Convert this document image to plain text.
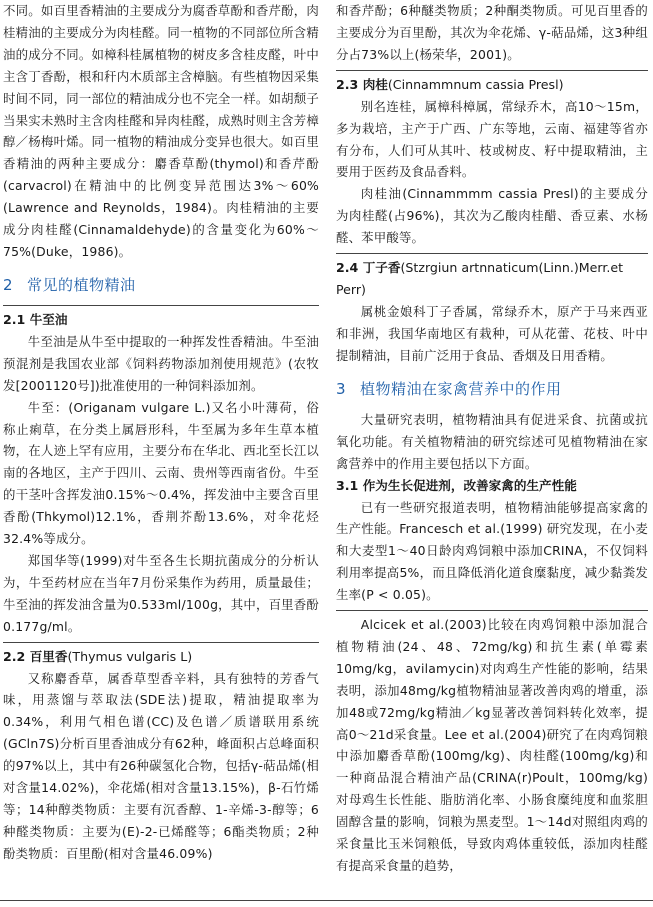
不同。如百里香精油的主要成分为腐香草酚和香芹酚，肉桂精油的主要成分为肉桂醛。同一植物的不同部位所含精油的成分不同。如樟科桂属植物的树皮多含桂皮醛，叶中主含丁香酚，根和秆内木质部主含樟脑。有些植物因采集时间不同，同一部位的精油成分也不完全一样。如胡颓子当果实未熟时主含肉桂醛和异肉桂醛，成熟时则主含芳樟醇／杨梅叶烯。同一植物的精油成分变异也很大。如百里香精油的两种主要成分：麝香草酚(thymol)和香芹酚(carvacrol)在精油中的比例变异范围达3%～60%(Lawrence and Reynolds，1984)。肉桂精油的主要成分肉桂醛(Cinnamaldehyde)的含量变化为60%～75%(Duke，1986)。

2 常见的植物精油
2.1 牛至油

牛至油是从牛至中提取的一种挥发性香精油。牛至油预混剂是我国农业部《饲料药物添加剂使用规范》(农牧发[2001120号])批准使用的一种饲料添加剂。

牛至：(Origanam vulgare L.)又名小叶薄荷，俗称止痢草，在分类上属唇形科，牛至属为多年生草本植物，在人迹上罕有应用，主要分布在华北、西北至长江以南的各地区，主产于四川、云南、贵州等西南省份。牛至的干茎叶含挥发油0.15%～0.4%，挥发油中主要含百里香酚(Thkymol)12.1%，香荆芥酚13.6%，对伞花烃32.4%等成分。

郑国华等(1999)对牛至各生长期抗菌成分的分析认为，牛至药材应在当年7月份采集作为药用，质量最佳；牛至油的挥发油含量为0.533ml/100g，其中，百里香酚0.177g/ml。

2.2 百里香(Thymus vulgaris L)

又称麝香草，属香草型香辛料，具有独特的芳香气味，用蒸馏与萃取法(SDE法)提取，精油提取率为0.34%，利用气相色谱(CC)及色谱／质谱联用系统(GCln7S)分析百里香油成分有62种，峰面积占总峰面积的97%以上，其中有26种碳氢化合物，包括γ-萜品烯(相对含量14.02%)，伞花烯(相对含量13.15%)，β-石竹烯等；14种醇类物质：主要有沉香醇、1-辛烯-3-醇等；6种醛类物质：主要为(E)-2-已烯醛等；6酯类物质；2种酚类物质：百里酚(相对含量46.09%)

和香芹酚；6种醚类物质；2种酮类物质。可见百里香的主要成分为百里酚，其次为伞花烯、γ-萜品烯，这3种组分占73%以上(杨荣华，2001)。

2.3 肉桂(Cinnammnum cassia Presl)

别名连桂，属樟科樟属，常绿乔木，高10～15m，多为栽培，主产于广西、广东等地，云南、福建等省亦有分布，人们可从其叶、枝或树皮、籽中提取精油，主要用于医药及食品香料。

肉桂油(Cinnammmm cassia Presl)的主要成分为肉桂醛(占96%)，其次为乙酸肉桂醋、香豆素、水杨醛、苯甲酸等。

2.4 丁子香(Stzrgiun artnnaticum(Linn.)Merr.et Perr)

属桃金娘科丁子香属，常绿乔木，原产于马来西亚和非洲，我国华南地区有栽种，可从花蕾、花枝、叶中提制精油，目前广泛用于食品、香烟及日用香精。

3 植物精油在家禽营养中的作用

大量研究表明，植物精油具有促进采食、抗菌或抗氧化功能。有关植物精油的研究综述可见植物精油在家禽营养中的作用主要包括以下方面。

3.1 作为生长促进剂，改善家禽的生产性能

已有一些研究报道表明，植物精油能够提高家禽的生产性能。Francesch et al.(1999) 研究发现，在小麦和大麦型1～40日龄肉鸡饲粮中添加CRINA，不仅饲料利用率提高5%，而且降低消化道食糜黏度，减少黏粪发生率(P < 0.05)。

Alcicek et al.(2003)比较在肉鸡饲粮中添加混合植物精油(24、48、72mg/kg)和抗生素(单霉素10mg/kg，avilamycin)对肉鸡生产性能的影响，结果表明，添加48mg/kg植物精油显著改善肉鸡的增重，添加48或72mg/kg精油／kg显著改善饲料转化效率，提高0～21d采食量。Lee et al.(2004)研究了在肉鸡饲粮中添加麝香草酚(100mg/kg)、肉桂醛(100mg/kg)和一种商品混合精油产品(CRINA(r)Poult，100mg/kg)对母鸡生长性能、脂肪消化率、小肠食糜纯度和血浆胆固醇含量的影响，饲粮为黑麦型。1～14d对照组肉鸡的采食量比玉米饲粮低，导致肉鸡体重较低，添加肉桂醛有提高采食量的趋势，
